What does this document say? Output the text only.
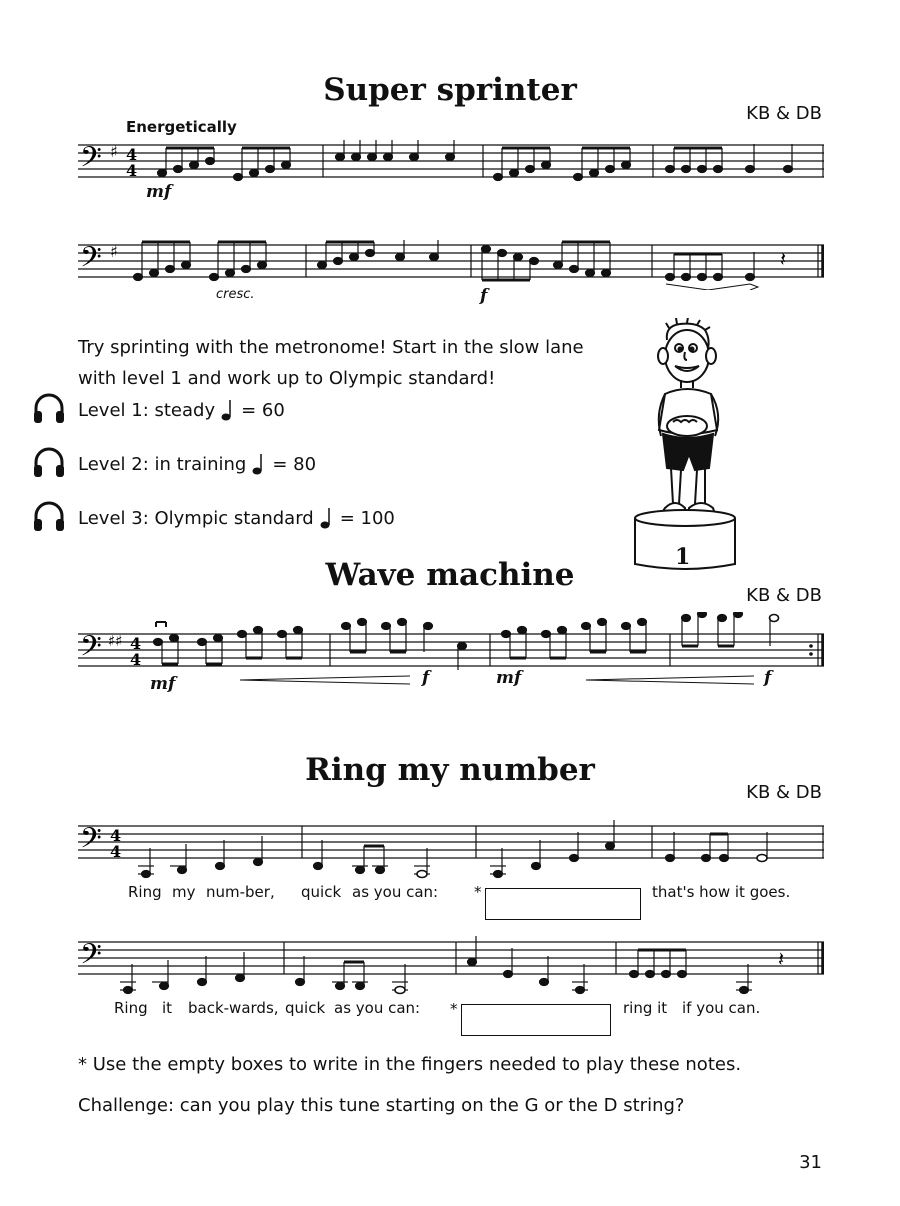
Super sprinter
KB & DB
Energetically
𝄢 ♯ 4
4
mf
𝄢 ♯	𝄽
cresc.	f
Try sprinting with the metronome! Start in the slow lane
with level 1 and work up to Olympic standard!
Level 1: steady = 60
Level 2: in training = 80
Level 3: Olympic standard = 100
1
Wave machine
KB & DB
𝄢 ♯♯ 4
4
mf	f	mf	f
Ring my number
KB & DB
𝄢 4
4
Ring my num-ber, quick as you can: *	that's how it goes.
𝄢	𝄽
Ring it back-wards, quick as you can: *	ring it if you can.
* Use the empty boxes to write in the fingers needed to play these notes.
Challenge: can you play this tune starting on the G or the D string?
31
